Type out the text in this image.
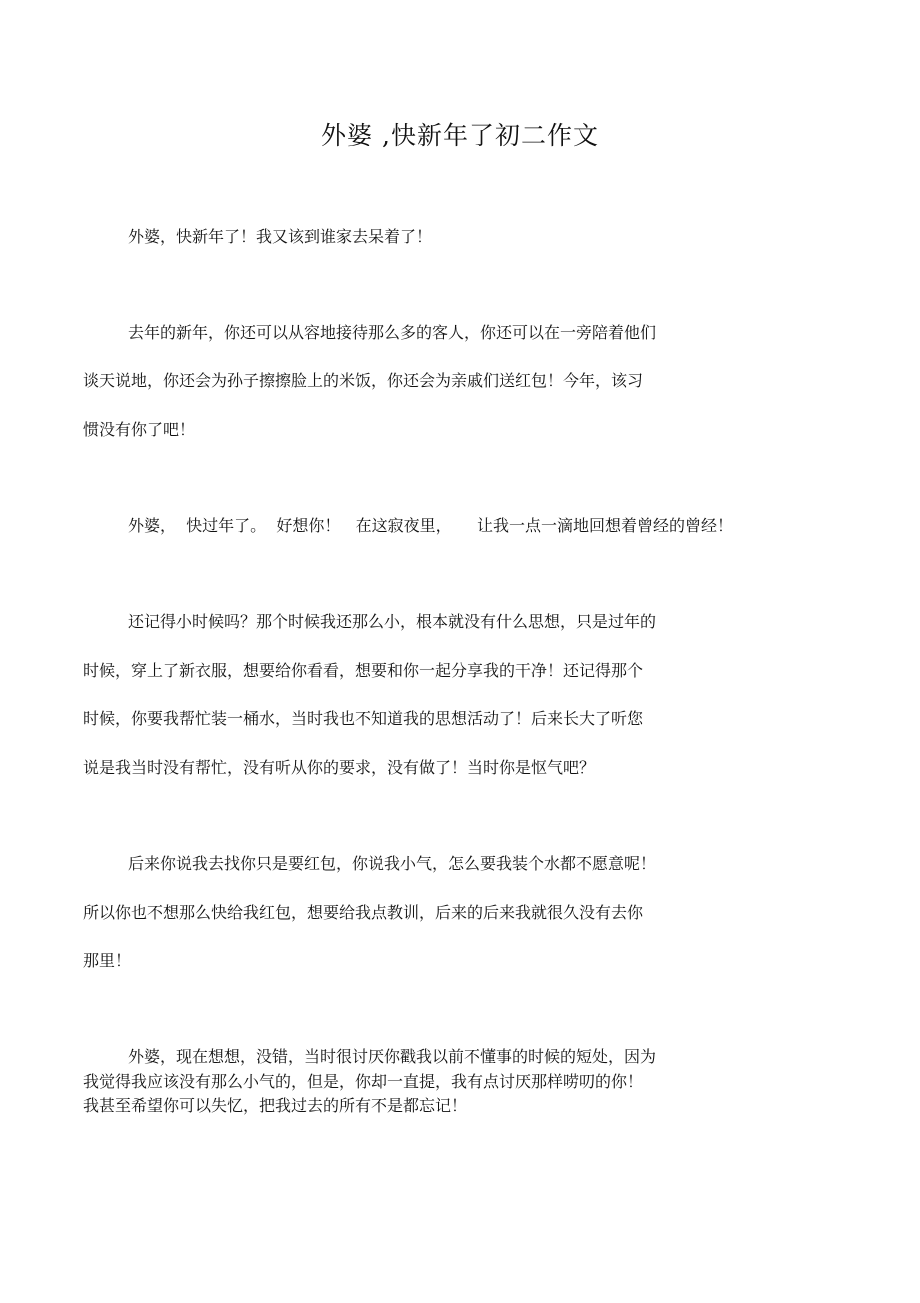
外婆 ,快新年了初二作文

外婆，快新年了！我又该到谁家去呆着了！

去年的新年，你还可以从容地接待那么多的客人，你还可以在一旁陪着他们

谈天说地，你还会为孙子擦擦脸上的米饭，你还会为亲戚们送红包！今年，该习

惯没有你了吧！

外婆，  快过年了。  好想你！   在这寂夜里，     让我一点一滴地回想着曾经的曾经！

还记得小时候吗？那个时候我还那么小，根本就没有什么思想，只是过年的

时候，穿上了新衣服，想要给你看看，想要和你一起分享我的干净！还记得那个

时候，你要我帮忙装一桶水，当时我也不知道我的思想活动了！后来长大了听您

说是我当时没有帮忙，没有听从你的要求，没有做了！当时你是怄气吧？

后来你说我去找你只是要红包，你说我小气，怎么要我装个水都不愿意呢！

所以你也不想那么快给我红包，想要给我点教训，后来的后来我就很久没有去你

那里！

外婆，现在想想，没错，当时很讨厌你戳我以前不懂事的时候的短处，因为

我觉得我应该没有那么小气的，但是，你却一直提，我有点讨厌那样唠叨的你！

我甚至希望你可以失忆，把我过去的所有不是都忘记！
